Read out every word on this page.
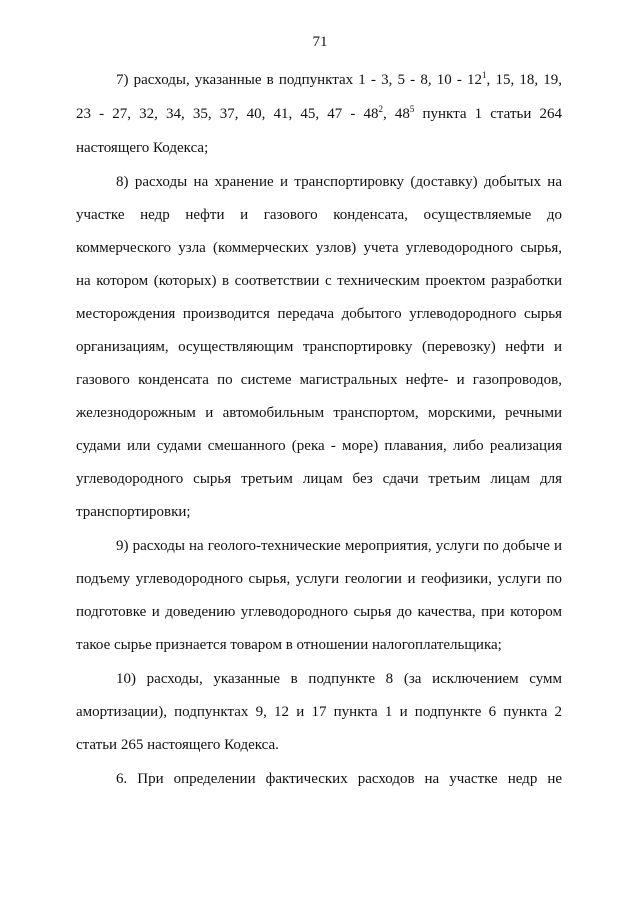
71
7) расходы, указанные в подпунктах 1 - 3, 5 - 8, $10 - 12^1$, 15, 18, 19,
23 - 27, 32, 34, 35, 37, 40, 41, 45, $47 - 48^2$, $48^5$ пункта 1 статьи 264
настоящего Кодекса;
8) расходы на хранение и транспортировку (доставку) добытых на
участке недр нефти и газового конденсата, осуществляемые до
коммерческого узла (коммерческих узлов) учета углеводородного сырья,
на котором (которых) в соответствии с техническим проектом разработки
месторождения производится передача добытого углеводородного сырья
организациям, осуществляющим транспортировку (перевозку) нефти и
газового конденсата по системе магистральных нефте- и газопроводов,
железнодорожным и автомобильным транспортом, морскими, речными
судами или судами смешанного (река - море) плавания, либо реализация
углеводородного сырья третьим лицам без сдачи третьим лицам для
транспортировки;
9) расходы на геолого-технические мероприятия, услуги по добыче и
подъему углеводородного сырья, услуги геологии и геофизики, услуги по
подготовке и доведению углеводородного сырья до качества, при котором
такое сырье признается товаром в отношении налогоплательщика;
10) расходы, указанные в подпункте 8 (за исключением сумм
амортизации), подпунктах 9, 12 и 17 пункта 1 и подпункте 6 пункта 2
статьи 265 настоящего Кодекса.
6. При определении фактических расходов на участке недр не
